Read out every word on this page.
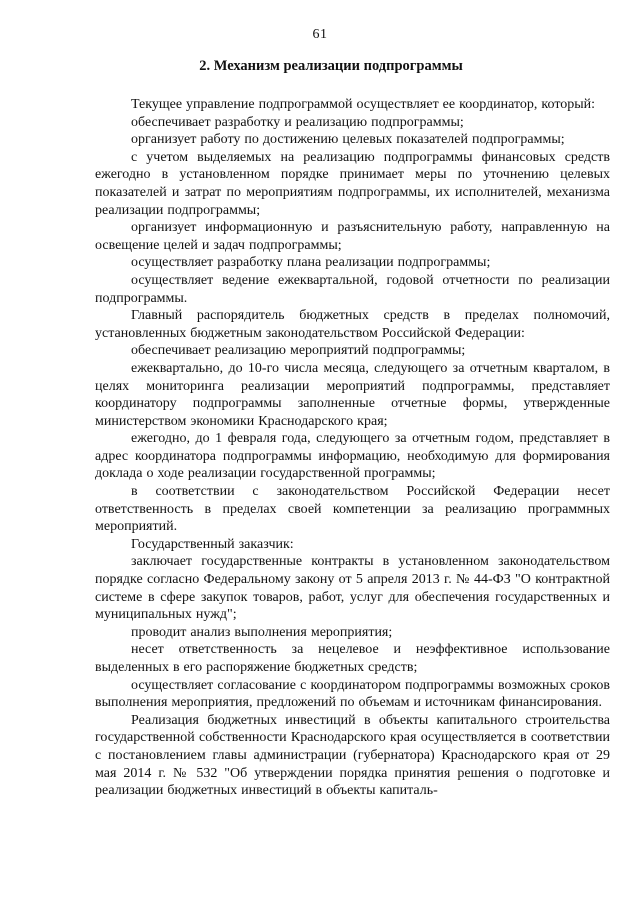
61
2. Механизм реализации подпрограммы

Текущее управление подпрограммой осуществляет ее координатор, который:

обеспечивает разработку и реализацию подпрограммы;

организует работу по достижению целевых показателей подпрограммы;

с учетом выделяемых на реализацию подпрограммы финансовых средств ежегодно в установленном порядке принимает меры по уточнению целевых показателей и затрат по мероприятиям подпрограммы, их исполнителей, механизма реализации подпрограммы;

организует информационную и разъяснительную работу, направленную на освещение целей и задач подпрограммы;

осуществляет разработку плана реализации подпрограммы;

осуществляет ведение ежеквартальной, годовой отчетности по реализации подпрограммы.

Главный распорядитель бюджетных средств в пределах полномочий, установленных бюджетным законодательством Российской Федерации:

обеспечивает реализацию мероприятий подпрограммы;

ежеквартально, до 10-го числа месяца, следующего за отчетным кварталом, в целях мониторинга реализации мероприятий подпрограммы, представляет координатору подпрограммы заполненные отчетные формы, утвержденные министерством экономики Краснодарского края;

ежегодно, до 1 февраля года, следующего за отчетным годом, представляет в адрес координатора подпрограммы информацию, необходимую для формирования доклада о ходе реализации государственной программы;

в соответствии с законодательством Российской Федерации несет ответственность в пределах своей компетенции за реализацию программных мероприятий.

Государственный заказчик:

заключает государственные контракты в установленном законодательством порядке согласно Федеральному закону от 5 апреля 2013 г. № 44-ФЗ "О контрактной системе в сфере закупок товаров, работ, услуг для обеспечения государственных и муниципальных нужд";

проводит анализ выполнения мероприятия;

несет ответственность за нецелевое и неэффективное использование выделенных в его распоряжение бюджетных средств;

осуществляет согласование с координатором подпрограммы возможных сроков выполнения мероприятия, предложений по объемам и источникам финансирования.

Реализация бюджетных инвестиций в объекты капитального строительства государственной собственности Краснодарского края осуществляется в соответствии с постановлением главы администрации (губернатора) Краснодарского края от 29 мая 2014 г. № 532 "Об утверждении порядка принятия решения о подготовке и реализации бюджетных инвестиций в объекты капиталь-
